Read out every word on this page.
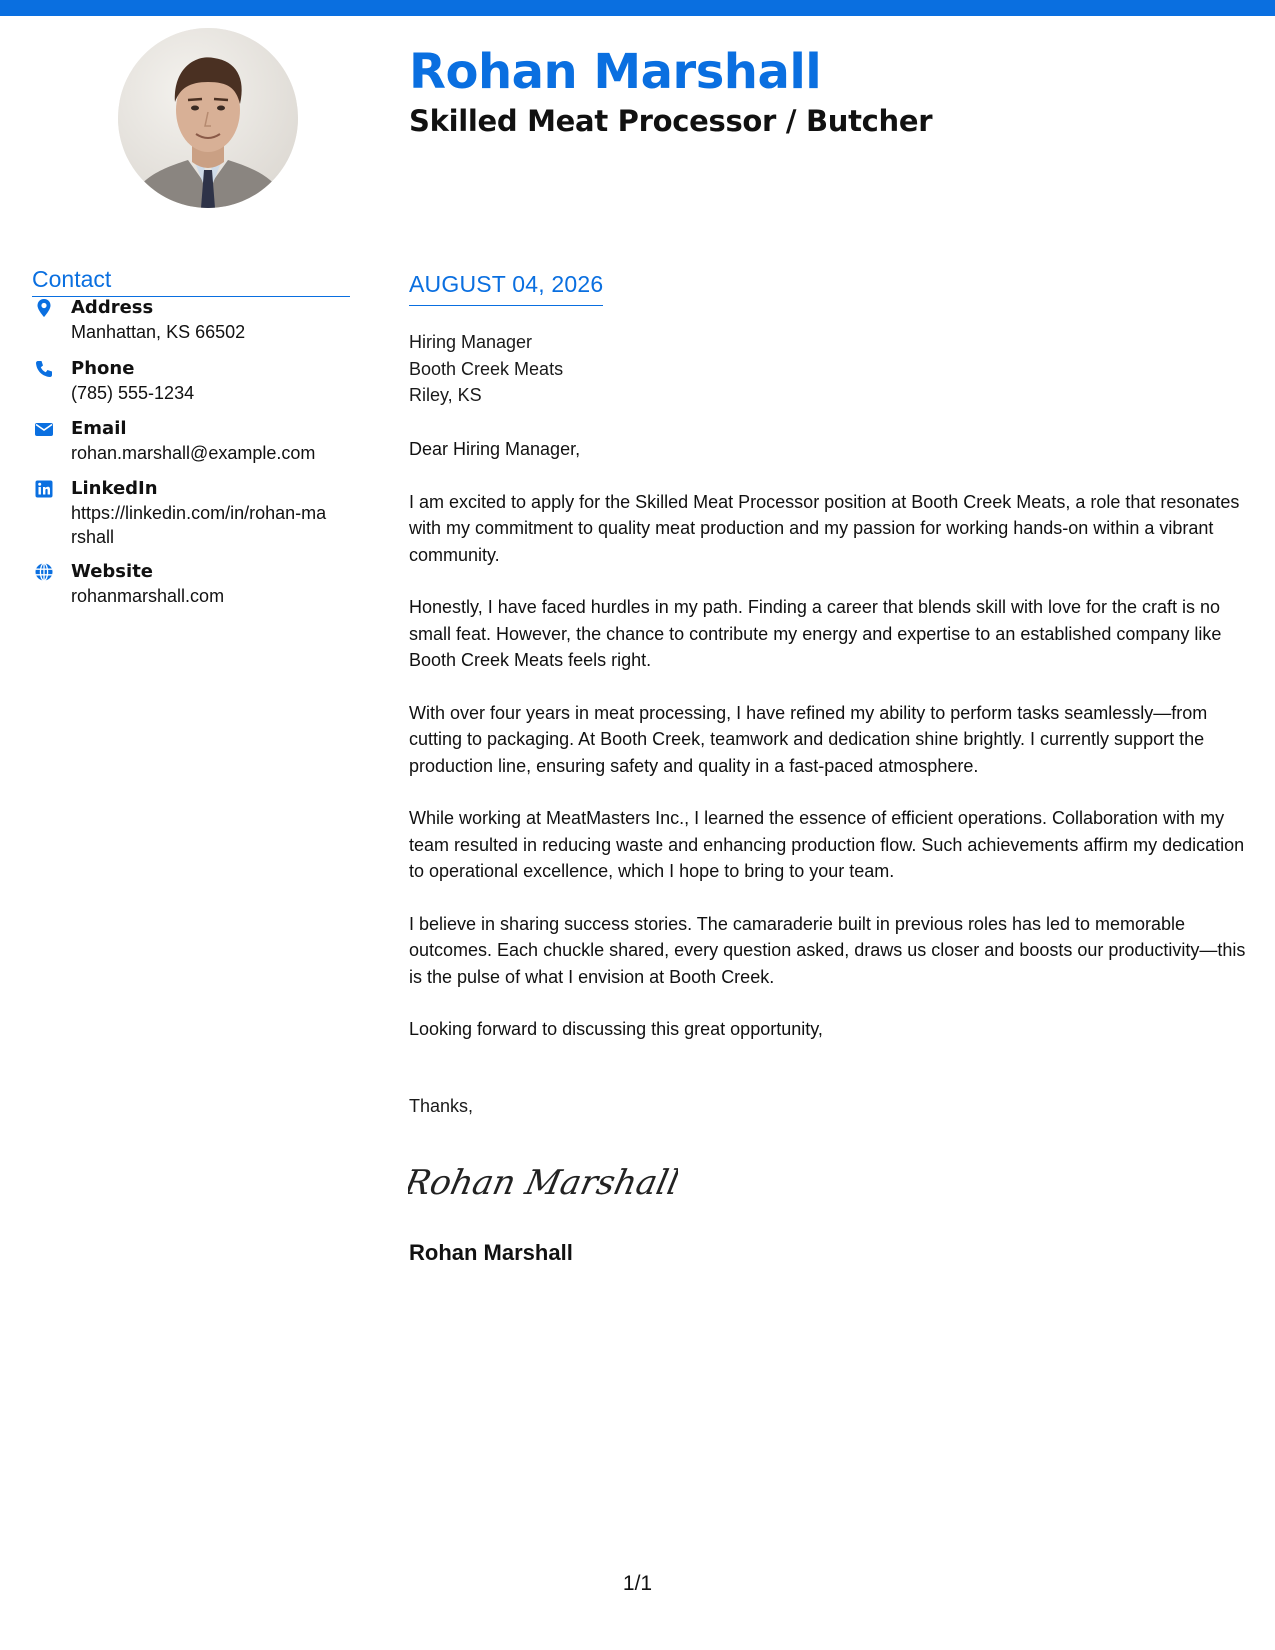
Rohan Marshall
Skilled Meat Processor / Butcher
Contact
Address
Manhattan, KS 66502
Phone
(785) 555-1234
Email
rohan.marshall@example.com
LinkedIn
https://linkedin.com/in/rohan-marshall
Website
rohanmarshall.com
AUGUST 04, 2026
Hiring Manager
Booth Creek Meats
Riley, KS

Dear Hiring Manager,

I am excited to apply for the Skilled Meat Processor position at Booth Creek Meats, a role that resonates with my commitment to quality meat production and my passion for working hands-on within a vibrant community.

Honestly, I have faced hurdles in my path. Finding a career that blends skill with love for the craft is no small feat. However, the chance to contribute my energy and expertise to an established company like Booth Creek Meats feels right.

With over four years in meat processing, I have refined my ability to perform tasks seamlessly—from cutting to packaging. At Booth Creek, teamwork and dedication shine brightly. I currently support the production line, ensuring safety and quality in a fast-paced atmosphere.

While working at MeatMasters Inc., I learned the essence of efficient operations. Collaboration with my team resulted in reducing waste and enhancing production flow. Such achievements affirm my dedication to operational excellence, which I hope to bring to your team.

I believe in sharing success stories. The camaraderie built in previous roles has led to memorable outcomes. Each chuckle shared, every question asked, draws us closer and boosts our productivity—this is the pulse of what I envision at Booth Creek.

Looking forward to discussing this great opportunity,

Thanks,
Rohan Marshall
Rohan Marshall
1/1
